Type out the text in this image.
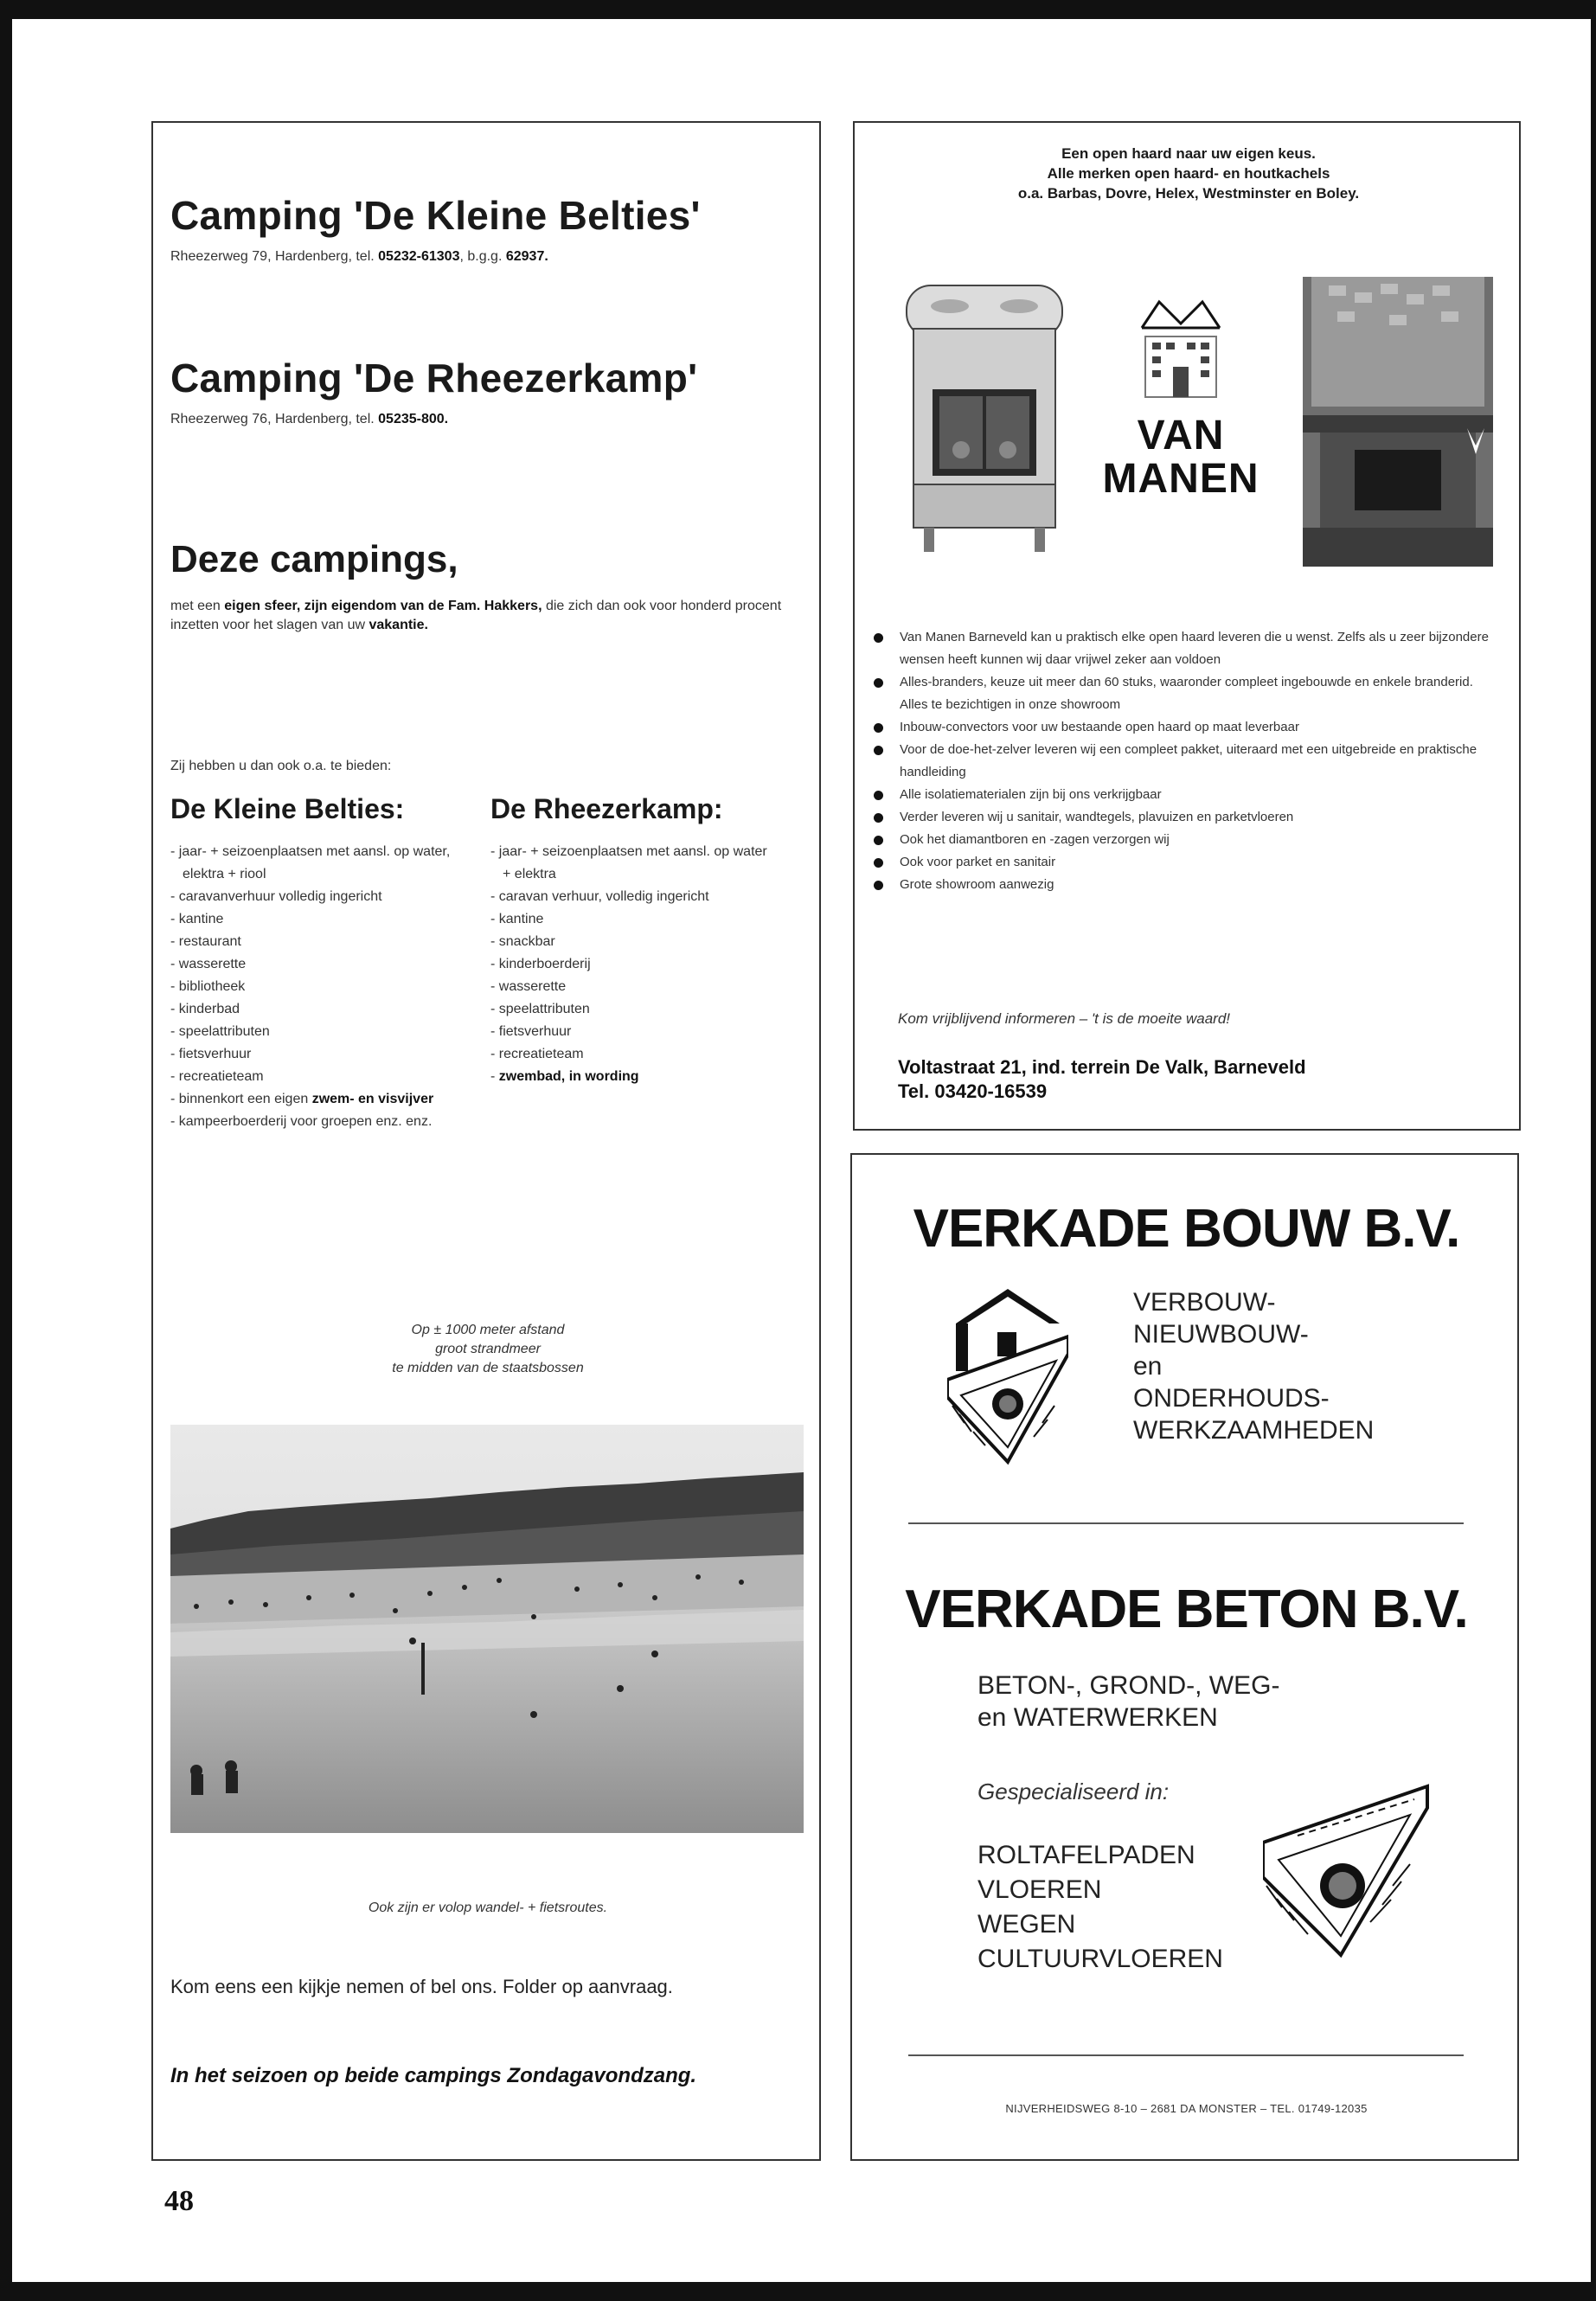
Camping 'De Kleine Belties'
Rheezerweg 79, Hardenberg, tel. 05232-61303, b.g.g. 62937.
Camping 'De Rheezerkamp'
Rheezerweg 76, Hardenberg, tel. 05235-800.
Deze campings,
met een eigen sfeer, zijn eigendom van de Fam. Hakkers, die zich dan ook voor honderd procent inzetten voor het slagen van uw vakantie.
Zij hebben u dan ook o.a. te bieden:
De Kleine Belties:
- jaar- + seizoenplaatsen met aansl. op water, elektra + riool
- caravanverhuur volledig ingericht
- kantine
- restaurant
- wasserette
- bibliotheek
- kinderbad
- speelattributen
- fietsverhuur
- recreatieteam
- binnenkort een eigen zwem- en visvijver
- kampeerboerderij voor groepen enz. enz.
De Rheezerkamp:
- jaar- + seizoenplaatsen met aansl. op water + elektra
- caravan verhuur, volledig ingericht
- kantine
- snackbar
- kinderboerderij
- wasserette
- speelattributen
- fietsverhuur
- recreatieteam
- zwembad, in wording
Op ± 1000 meter afstand
groot strandmeer
te midden van de staatsbossen
Ook zijn er volop wandel- + fietsroutes.
Kom eens een kijkje nemen of bel ons. Folder op aanvraag.
In het seizoen op beide campings Zondagavondzang.
Een open haard naar uw eigen keus.
Alle merken open haard- en houtkachels
o.a. Barbas, Dovre, Helex, Westminster en Boley.
VAN
MANEN
Van Manen Barneveld kan u praktisch elke open haard leveren die u wenst. Zelfs als u zeer bijzondere wensen heeft kunnen wij daar vrijwel zeker aan voldoen
Alles-branders, keuze uit meer dan 60 stuks, waaronder compleet ingebouwde en enkele branderid. Alles te bezichtigen in onze showroom
Inbouw-convectors voor uw bestaande open haard op maat leverbaar
Voor de doe-het-zelver leveren wij een compleet pakket, uiteraard met een uitgebreide en praktische handleiding
Alle isolatiematerialen zijn bij ons verkrijgbaar
Verder leveren wij u sanitair, wandtegels, plavuizen en parketvloeren
Ook het diamantboren en -zagen verzorgen wij
Ook voor parket en sanitair
Grote showroom aanwezig
Kom vrijblijvend informeren – 't is de moeite waard!
Voltastraat 21, ind. terrein De Valk, Barneveld
Tel. 03420-16539
VERKADE BOUW B.V.
VERBOUW-
NIEUWBOUW-
en
ONDERHOUDS-
WERKZAAMHEDEN
VERKADE BETON B.V.
BETON-, GROND-, WEG-
en WATERWERKEN
Gespecialiseerd in:
ROLTAFELPADEN
VLOEREN
WEGEN
CULTUURVLOEREN
NIJVERHEIDSWEG 8-10 – 2681 DA MONSTER – TEL. 01749-12035
48
